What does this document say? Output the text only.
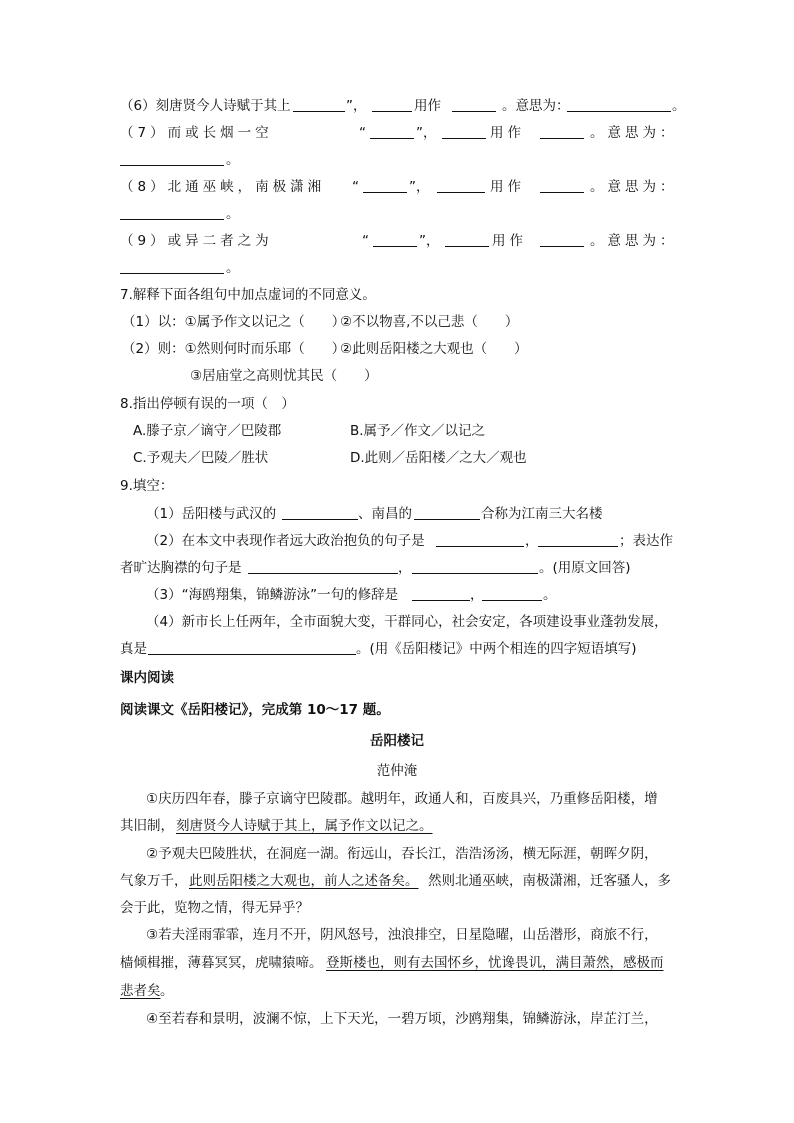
（6）刻唐贤今人诗赋于其上	”，	用作	。意思为：	。
（7）而或长烟一空	“	”，	用作	。意思为：
。
（8）北通巫峡，南极潇湘 “	”，	用作	。意思为：
。
（9）或异二者之为	“	”，	用作	。意思为：
。
7.解释下面各组句中加点虚词的不同意义。
（1）以：①属予作文以记之（　　）
②不以物喜,不以己悲（　　）
（2）则：①然则何时而乐耶（　　）
②此则岳阳楼之大观也（　　）
③居庙堂之高则忧其民（　　）
8.指出停顿有误的一项（　）
A.滕子京／谪守／巴陵郡	B.属予／作文／以记之
C.予观夫／巴陵／胜状	D.此则／岳阳楼／之大／观也
9.填空：
（1）岳阳楼与武汉的	、南昌的	合称为江南三大名楼
（2）在本文中表现作者远大政治抱负的句子是	，	；表达作
者旷达胸襟的句子是	，	。(用原文回答)
（3）“海鸥翔集，锦鳞游泳”一句的修辞是	，	。
（4）新市长上任两年，全市面貌大变，干群同心，社会安定，各项建设事业蓬勃发展，
真是	。(用《岳阳楼记》中两个相连的四字短语填写)
课内阅读
阅读课文《岳阳楼记》，完成第 10～17 题。
岳阳楼记
范仲淹
①庆历四年春，滕子京谪守巴陵郡。越明年，政通人和，百废具兴，乃重修岳阳楼，增
其旧制， 刻唐贤今人诗赋于其上，属予作文以记之。
②予观夫巴陵胜状，在洞庭一湖。衔远山，吞长江，浩浩汤汤，横无际涯，朝晖夕阴，
气象万千， 此则岳阳楼之大观也，前人之述备矣。 然则北通巫峡，南极潇湘，迁客骚人，多
会于此，览物之情，得无异乎？
③若夫淫雨霏霏，连月不开，阴风怒号，浊浪排空，日星隐曜，山岳潜形，商旅不行，
樯倾楫摧，薄暮冥冥，虎啸猿啼。 登斯楼也，则有去国怀乡，忧谗畏讥，满目萧然，感极而
悲者矣 。
④至若春和景明，波澜不惊，上下天光，一碧万顷，沙鸥翔集，锦鳞游泳，岸芷汀兰，
